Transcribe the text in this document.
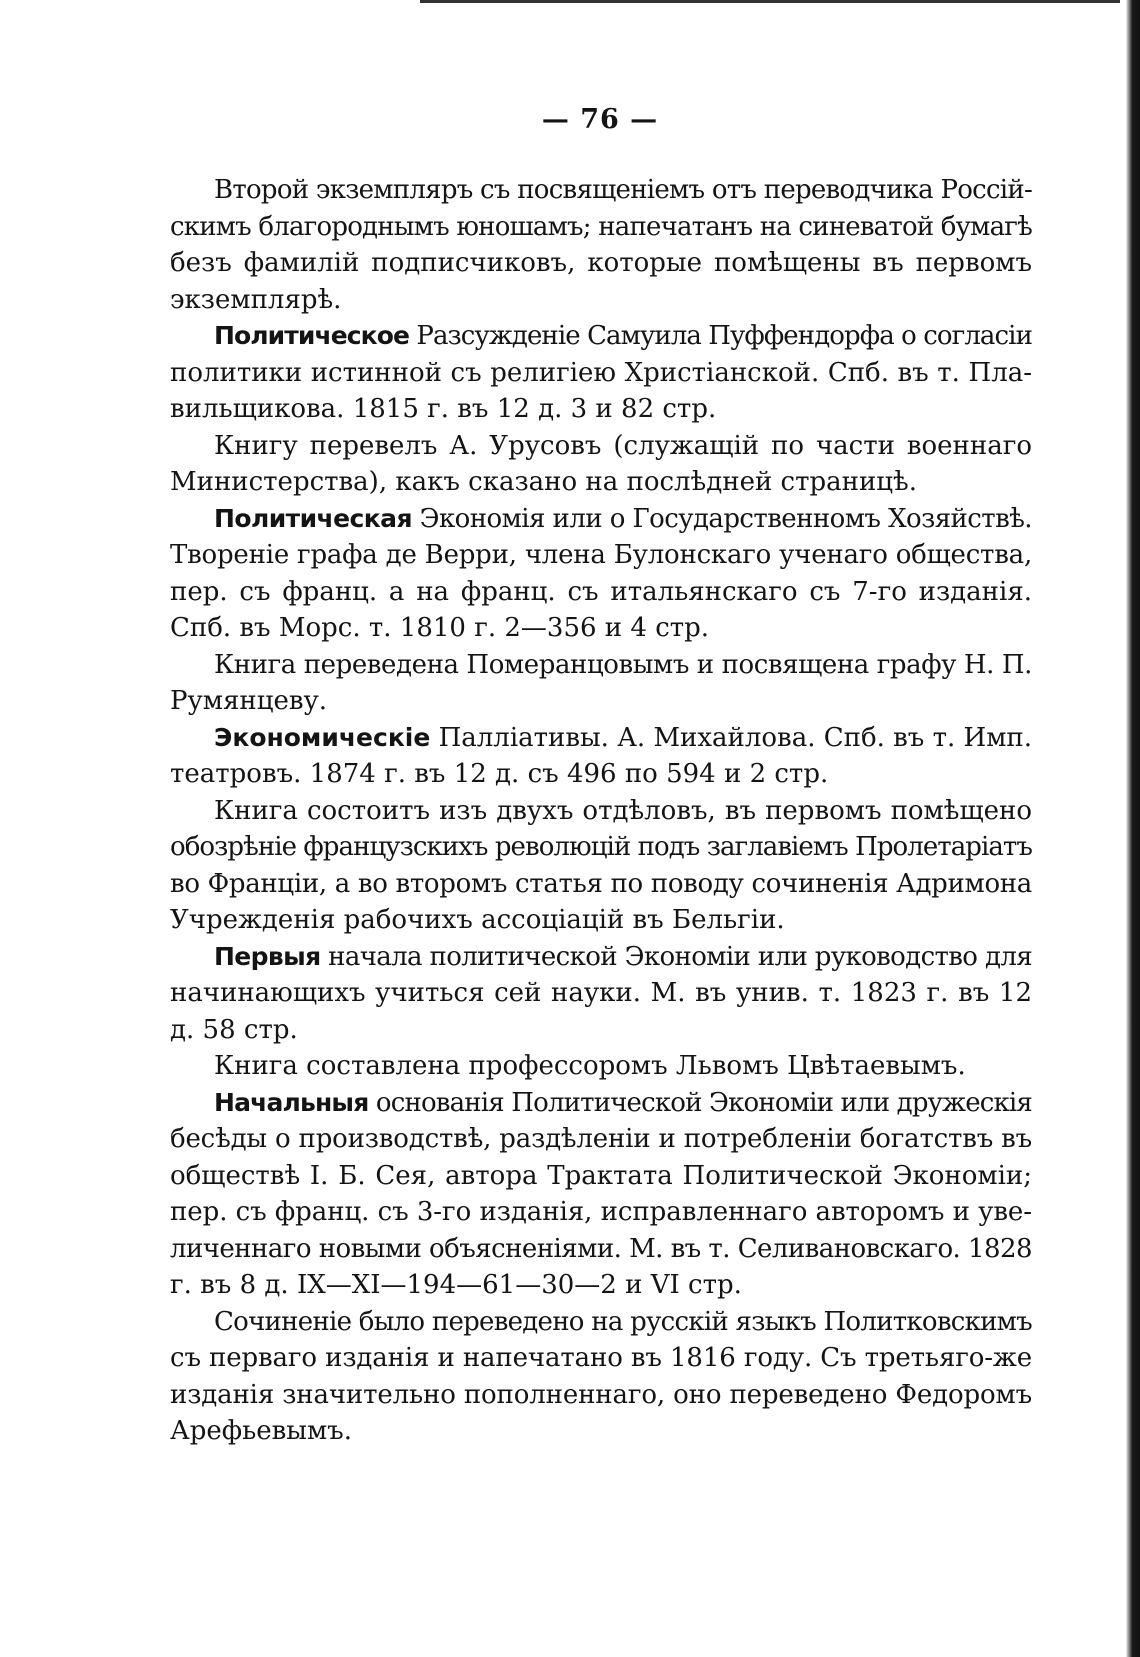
— 76 —
Второй экземпляръ съ посвященіемъ отъ переводчика Россій-
скимъ благороднымъ юношамъ; напечатанъ на синеватой бумагѣ
безъ фамилій подписчиковъ, которые помѣщены въ первомъ
экземплярѣ.
Политическое Разсужденіе Самуила Пуффендорфа о согласіи
политики истинной съ религіею Христіанской. Спб. въ т. Пла-
вильщикова. 1815 г. въ 12 д. 3 и 82 стр.
Книгу перевелъ А. Урусовъ (служащій по части военнаго
Министерства), какъ сказано на послѣдней страницѣ.
Политическая Экономія или о Государственномъ Хозяйствѣ.
Твореніе графа де Верри, члена Булонскаго ученаго общества,
пер. съ франц. а на франц. съ итальянскаго съ 7-го изданія.
Спб. въ Морс. т. 1810 г. 2—356 и 4 стр.
Книга переведена Померанцовымъ и посвящена графу Н. П.
Румянцеву.
Экономическіе Палліативы. А. Михайлова. Спб. въ т. Имп.
театровъ. 1874 г. въ 12 д. съ 496 по 594 и 2 стр.
Книга состоитъ изъ двухъ отдѣловъ, въ первомъ помѣщено
обозрѣніе французскихъ революцій подъ заглавіемъ Пролетаріатъ
во Франціи, а во второмъ статья по поводу сочиненія Адримона
Учрежденія рабочихъ ассоціацій въ Бельгіи.
Первыя начала политической Экономіи или руководство для
начинающихъ учиться сей науки. М. въ унив. т. 1823 г. въ 12
д. 58 стр.
Книга составлена профессоромъ Львомъ Цвѣтаевымъ.
Начальныя основанія Политической Экономіи или дружескія
бесѣды о производствѣ, раздѣленіи и потребленіи богатствъ въ
обществѣ І. Б. Сея, автора Трактата Политической Экономіи;
пер. съ франц. съ 3-го изданія, исправленнаго авторомъ и уве-
личеннаго новыми объясненіями. М. въ т. Селивановскаго. 1828
г. въ 8 д. IX—XI—194—61—30—2 и VI стр.
Сочиненіе было переведено на русскій языкъ Политковскимъ
съ перваго изданія и напечатано въ 1816 году. Съ третьяго-же
изданія значительно пополненнаго, оно переведено Федоромъ
Арефьевымъ.
